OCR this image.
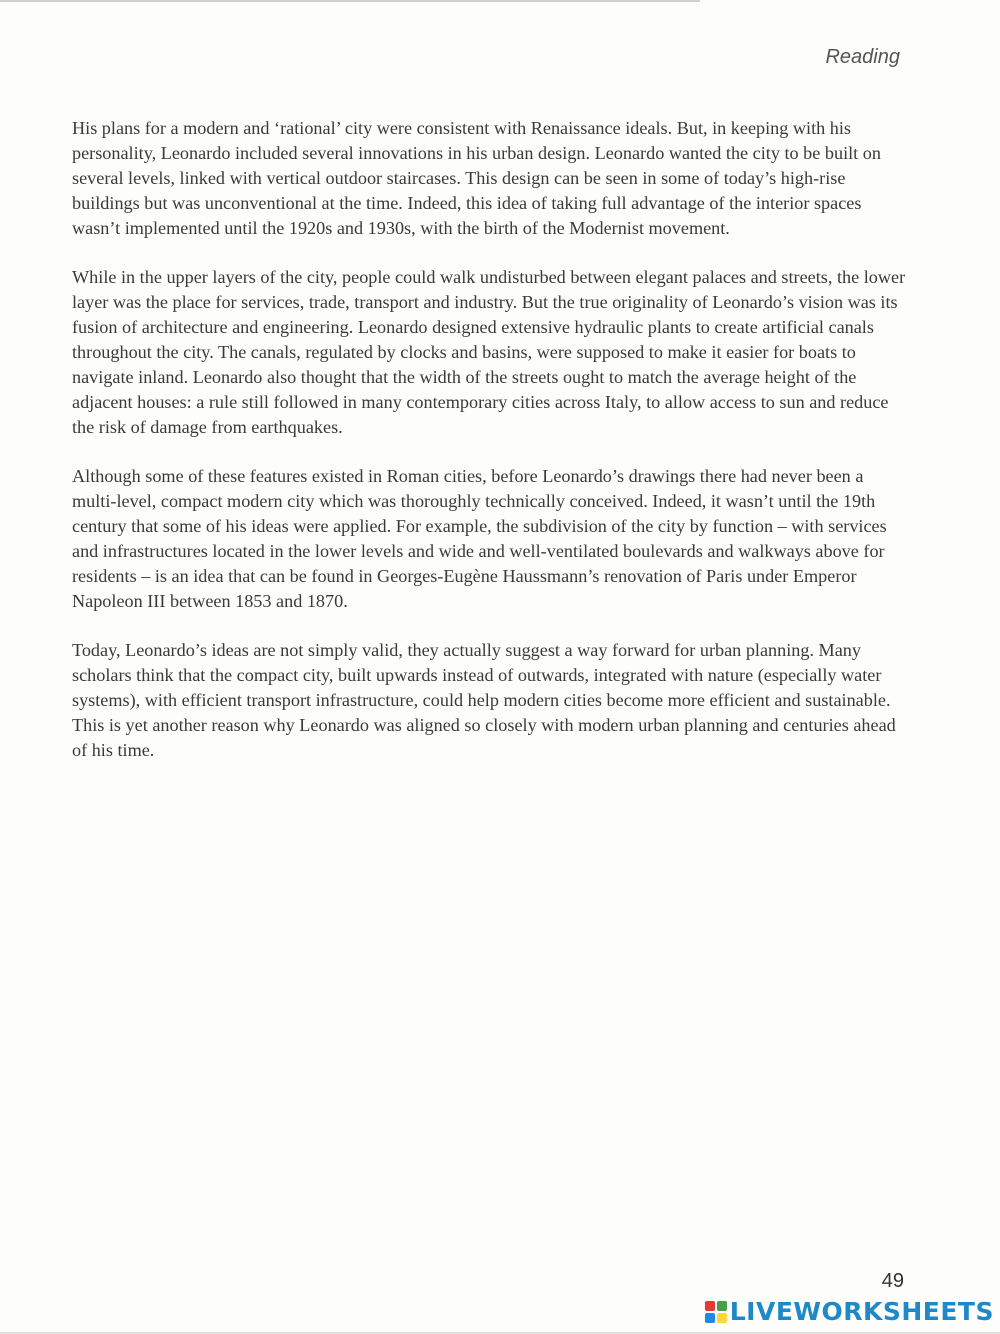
Reading

His plans for a modern and ‘rational’ city were consistent with Renaissance ideals. But, in keeping with his personality, Leonardo included several innovations in his urban design. Leonardo wanted the city to be built on several levels, linked with vertical outdoor staircases. This design can be seen in some of today’s high-rise buildings but was unconventional at the time. Indeed, this idea of taking full advantage of the interior spaces wasn’t implemented until the 1920s and 1930s, with the birth of the Modernist movement.

While in the upper layers of the city, people could walk undisturbed between elegant palaces and streets, the lower layer was the place for services, trade, transport and industry. But the true originality of Leonardo’s vision was its fusion of architecture and engineering. Leonardo designed extensive hydraulic plants to create artificial canals throughout the city. The canals, regulated by clocks and basins, were supposed to make it easier for boats to navigate inland. Leonardo also thought that the width of the streets ought to match the average height of the adjacent houses: a rule still followed in many contemporary cities across Italy, to allow access to sun and reduce the risk of damage from earthquakes.

Although some of these features existed in Roman cities, before Leonardo’s drawings there had never been a multi-level, compact modern city which was thoroughly technically conceived. Indeed, it wasn’t until the 19th century that some of his ideas were applied. For example, the subdivision of the city by function – with services and infrastructures located in the lower levels and wide and well-ventilated boulevards and walkways above for residents – is an idea that can be found in Georges-Eugène Haussmann’s renovation of Paris under Emperor Napoleon III between 1853 and 1870.

Today, Leonardo’s ideas are not simply valid, they actually suggest a way forward for urban planning. Many scholars think that the compact city, built upwards instead of outwards, integrated with nature (especially water systems), with efficient transport infrastructure, could help modern cities become more efficient and sustainable. This is yet another reason why Leonardo was aligned so closely with modern urban planning and centuries ahead of his time.

49
LIVEWORKSHEETS
